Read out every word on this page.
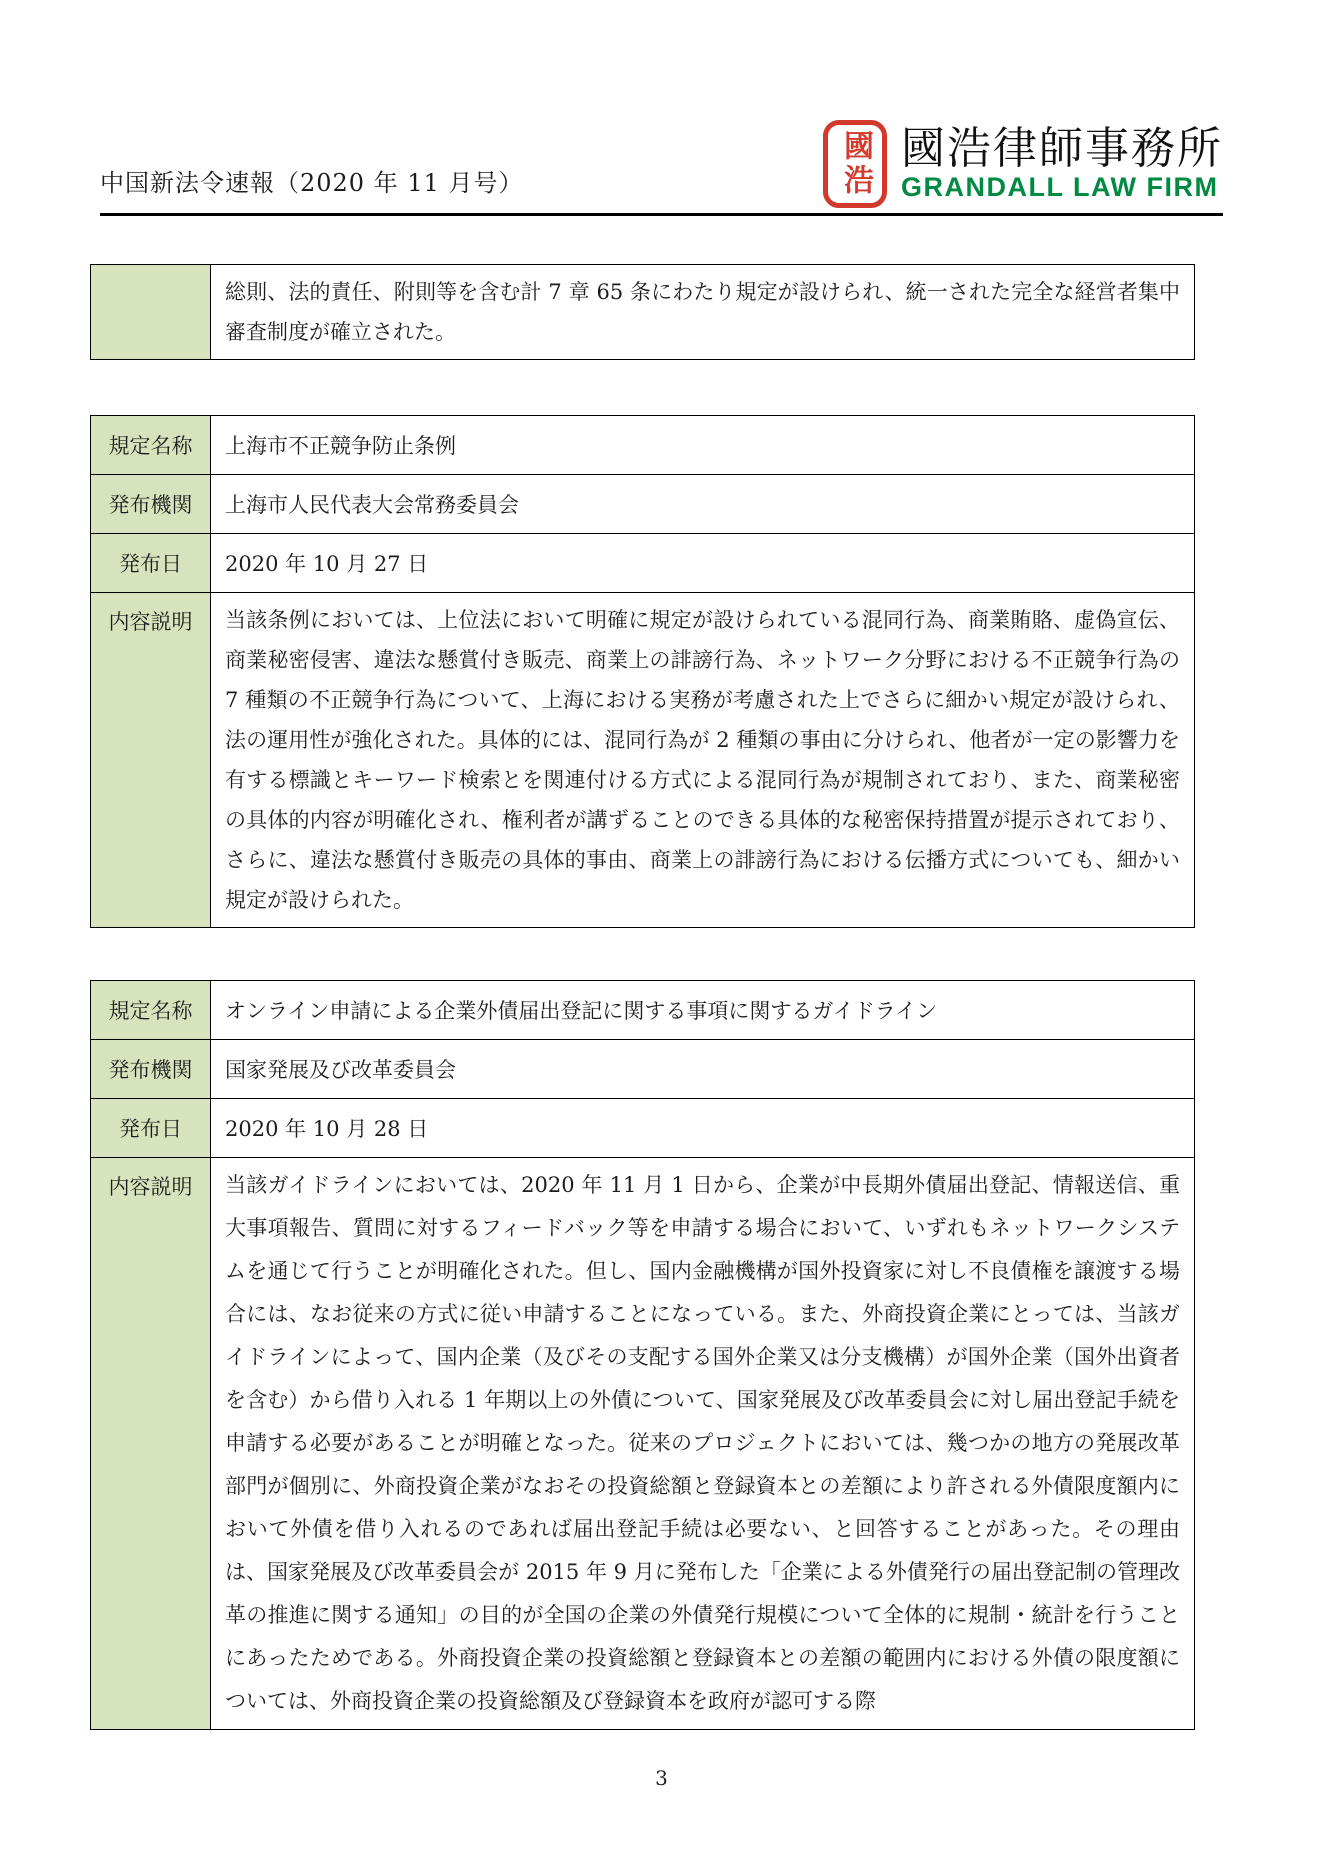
中国新法令速報（2020 年 11 月号）	國浩 國浩律師事務所
GRANDALL LAW FIRM
	総則、法的責任、附則等を含む計 7 章 65 条にわたり規定が設けられ、統一された完全な経営者集中審査制度が確立された。
規定名称	上海市不正競争防止条例
発布機関	上海市人民代表大会常務委員会
発布日	2020 年 10 月 27 日
内容説明	当該条例においては、上位法において明確に規定が設けられている混同行為、商業賄賂、虚偽宣伝、商業秘密侵害、違法な懸賞付き販売、商業上の誹謗行為、ネットワーク分野における不正競争行為の 7 種類の不正競争行為について、上海における実務が考慮された上でさらに細かい規定が設けられ、法の運用性が強化された。具体的には、混同行為が 2 種類の事由に分けられ、他者が一定の影響力を有する標識とキーワード検索とを関連付ける方式による混同行為が規制されており、また、商業秘密の具体的内容が明確化され、権利者が講ずることのできる具体的な秘密保持措置が提示されており、さらに、違法な懸賞付き販売の具体的事由、商業上の誹謗行為における伝播方式についても、細かい規定が設けられた。
規定名称	オンライン申請による企業外債届出登記に関する事項に関するガイドライン
発布機関	国家発展及び改革委員会
発布日	2020 年 10 月 28 日
内容説明	当該ガイドラインにおいては、2020 年 11 月 1 日から、企業が中長期外債届出登記、情報送信、重大事項報告、質問に対するフィードバック等を申請する場合において、いずれもネットワークシステムを通じて行うことが明確化された。但し、国内金融機構が国外投資家に対し不良債権を譲渡する場合には、なお従来の方式に従い申請することになっている。また、外商投資企業にとっては、当該ガイドラインによって、国内企業（及びその支配する国外企業又は分支機構）が国外企業（国外出資者を含む）から借り入れる 1 年期以上の外債について、国家発展及び改革委員会に対し届出登記手続を申請する必要があることが明確となった。従来のプロジェクトにおいては、幾つかの地方の発展改革部門が個別に、外商投資企業がなおその投資総額と登録資本との差額により許される外債限度額内において外債を借り入れるのであれば届出登記手続は必要ない、と回答することがあった。その理由は、国家発展及び改革委員会が 2015 年 9 月に発布した「企業による外債発行の届出登記制の管理改革の推進に関する通知」の目的が全国の企業の外債発行規模について全体的に規制・統計を行うことにあったためである。外商投資企業の投資総額と登録資本との差額の範囲内における外債の限度額については、外商投資企業の投資総額及び登録資本を政府が認可する際
3
